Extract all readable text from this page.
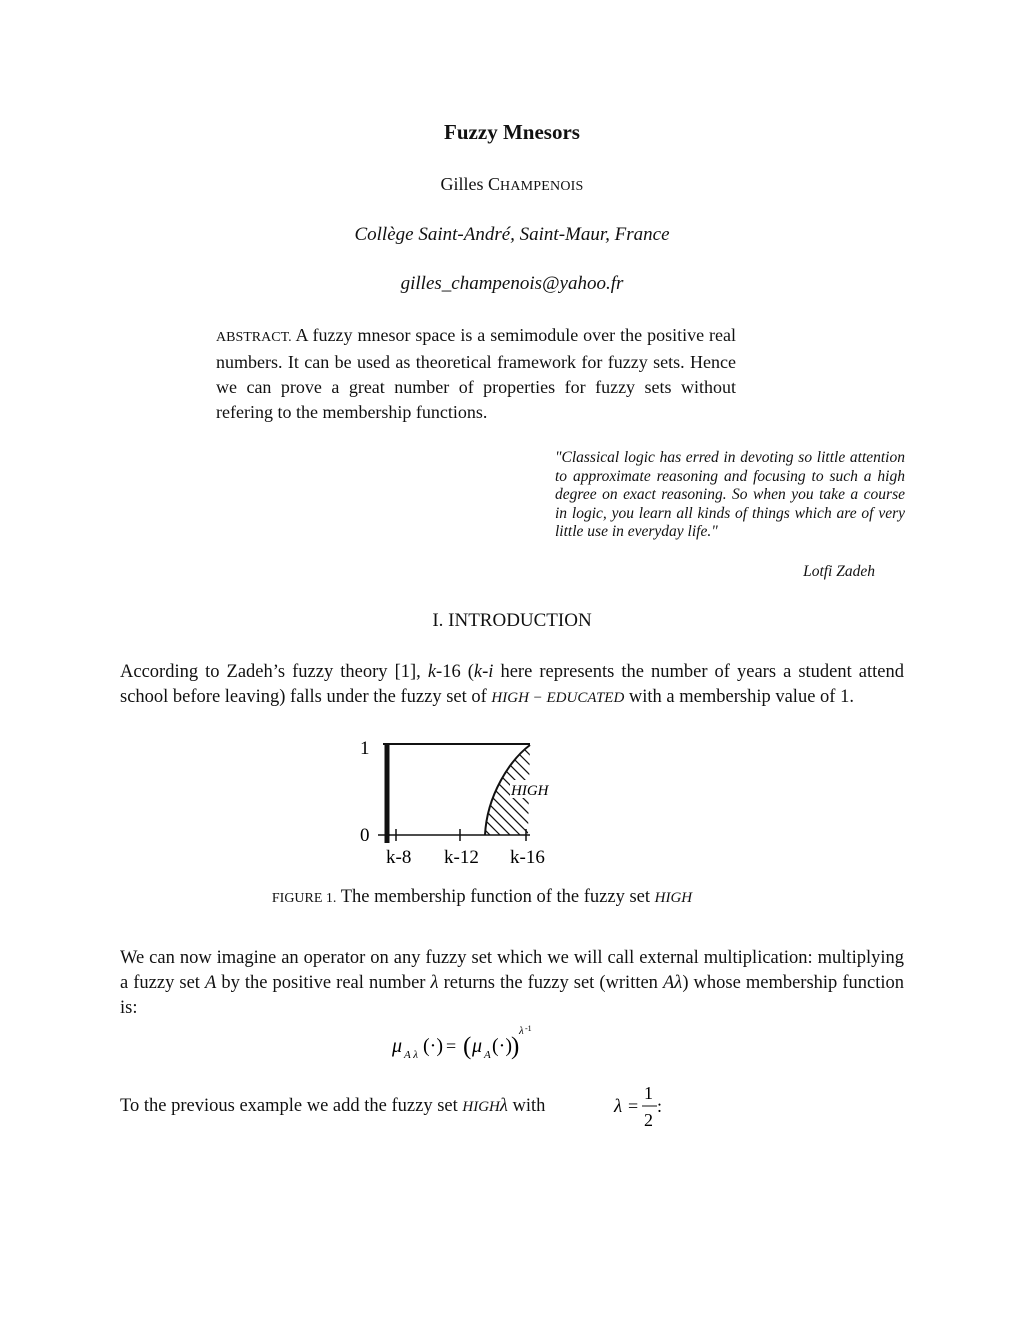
Fuzzy Mnesors
Gilles CHAMPENOIS
Collège Saint-André, Saint-Maur, France
gilles_champenois@yahoo.fr
ABSTRACT. A fuzzy mnesor space is a semimodule over the positive real numbers. It can be used as theoretical framework for fuzzy sets. Hence we can prove a great number of properties for fuzzy sets without refering to the membership functions.
"Classical logic has erred in devoting so little attention to approximate reasoning and focusing to such a high degree on exact reasoning. So when you take a course in logic, you learn all kinds of things which are of very little use in everyday life."
Lotfi Zadeh
I. INTRODUCTION
According to Zadeh’s fuzzy theory [1], k-16 (k-i here represents the number of years a student attend school before leaving) falls under the fuzzy set of HIGH − EDUCATED with a membership value of 1.
1
0
HIGH
k-8 k-12 k-16
FIGURE 1. The membership function of the fuzzy set HIGH
We can now imagine an operator on any fuzzy set which we will call external multiplication: multiplying a fuzzy set A by the positive real number λ returns the fuzzy set (written Aλ) whose membership function is:
μ A λ (·) = ( μ A (·) )
λ -1
To the previous example we add the fuzzy set HIGHλ with	λ =
1
2
:
